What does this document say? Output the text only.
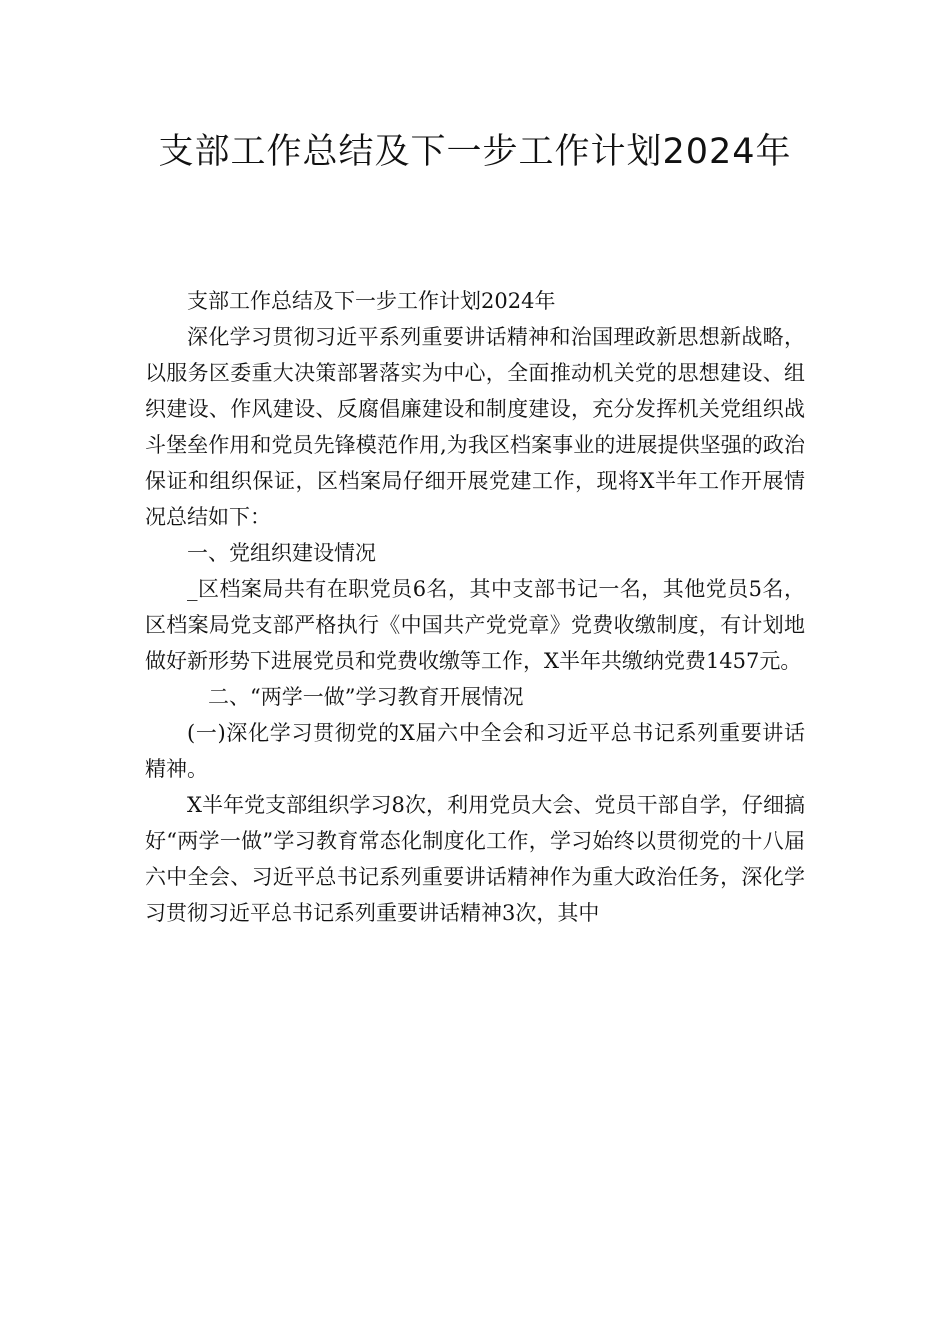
支部工作总结及下一步工作计划2024年

支部工作总结及下一步工作计划2024年

深化学习贯彻习近平系列重要讲话精神和治国理政新思想新战略，以服务区委重大决策部署落实为中心，全面推动机关党的思想建设、组织建设、作风建设、反腐倡廉建设和制度建设，充分发挥机关党组织战斗堡垒作用和党员先锋模范作用,为我区档案事业的进展提供坚强的政治保证和组织保证，区档案局仔细开展党建工作，现将X半年工作开展情况总结如下：

一、党组织建设情况

_区档案局共有在职党员6名，其中支部书记一名，其他党员5名，区档案局党支部严格执行《中国共产党党章》党费收缴制度，有计划地做好新形势下进展党员和党费收缴等工作，X半年共缴纳党费1457元。

二、“两学一做”学习教育开展情况

(一)深化学习贯彻党的X届六中全会和习近平总书记系列重要讲话精神。

X半年党支部组织学习8次，利用党员大会、党员干部自学，仔细搞好“两学一做”学习教育常态化制度化工作，学习始终以贯彻党的十八届六中全会、习近平总书记系列重要讲话精神作为重大政治任务，深化学习贯彻习近平总书记系列重要讲话精神3次，其中
